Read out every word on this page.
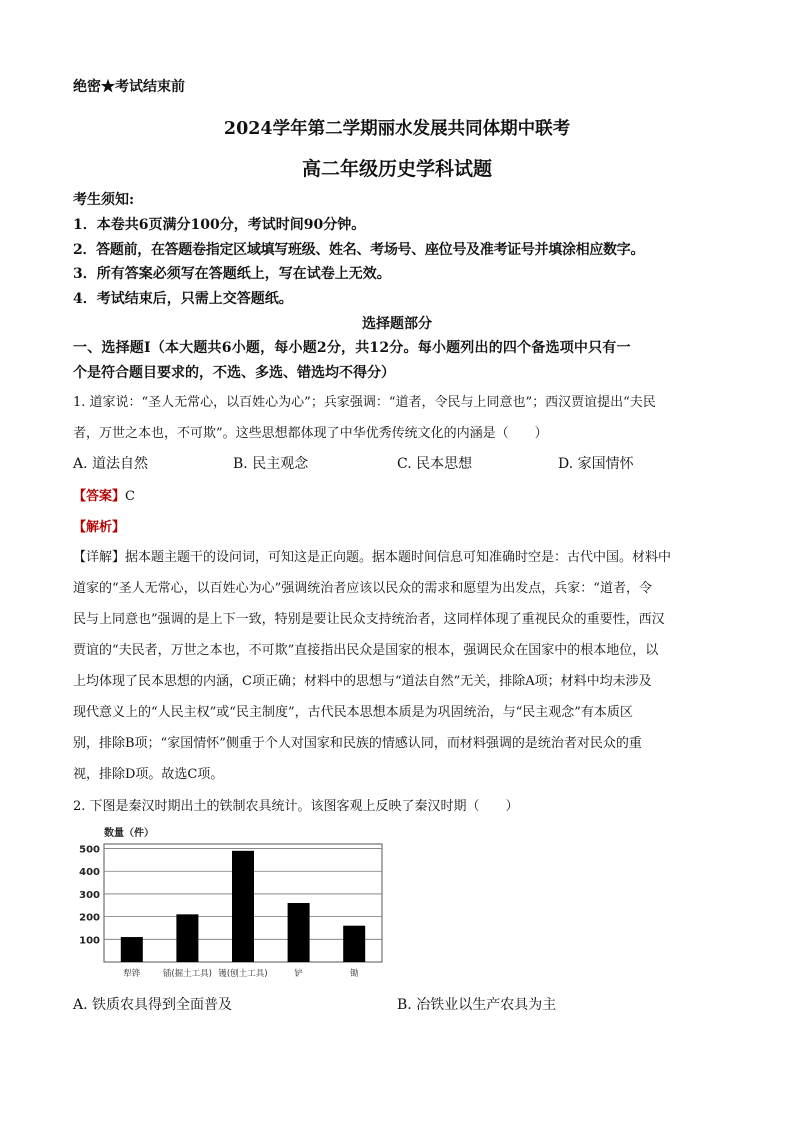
绝密★考试结束前
2024学年第二学期丽水发展共同体期中联考
高二年级历史学科试题
考生须知:
1．本卷共6页满分100分，考试时间90分钟。
2．答题前，在答题卷指定区域填写班级、姓名、考场号、座位号及准考证号并填涂相应数字。
3．所有答案必须写在答题纸上，写在试卷上无效。
4．考试结束后，只需上交答题纸。
选择题部分
一、选择题Ⅰ（本大题共6小题，每小题2分，共12分。每小题列出的四个备选项中只有一
个是符合题目要求的，不选、多选、错选均不得分）
1. 道家说：“圣人无常心，以百姓心为心”；兵家强调：“道者，令民与上同意也”；西汉贾谊提出“夫民
者，万世之本也，不可欺”。这些思想都体现了中华优秀传统文化的内涵是（　　）
A. 道法自然	B. 民主观念	C. 民本思想	D. 家国情怀
【答案】C
【解析】
【详解】据本题主题干的设问词，可知这是正向题。据本题时间信息可知准确时空是：古代中国。材料中
道家的“圣人无常心，以百姓心为心”强调统治者应该以民众的需求和愿望为出发点，兵家：“道者，令
民与上同意也”强调的是上下一致，特别是要让民众支持统治者，这同样体现了重视民众的重要性，西汉
贾谊的“夫民者，万世之本也，不可欺”直接指出民众是国家的根本，强调民众在国家中的根本地位，以
上均体现了民本思想的内涵，C项正确；材料中的思想与“道法自然”无关，排除A项；材料中均未涉及
现代意义上的“人民主权”或“民主制度”，古代民本思想本质是为巩固统治，与“民主观念”有本质区
别，排除B项；“家国情怀”侧重于个人对国家和民族的情感认同，而材料强调的是统治者对民众的重
视，排除D项。故选C项。
2. 下图是秦汉时期出土的铁制农具统计。该图客观上反映了秦汉时期（　　）
100
200
300
400
500
数量（件）
犁铧	锸(掘土工具) 镬(刨土工具)	铲	锄
A. 铁质农具得到全面普及	B. 冶铁业以生产农具为主
